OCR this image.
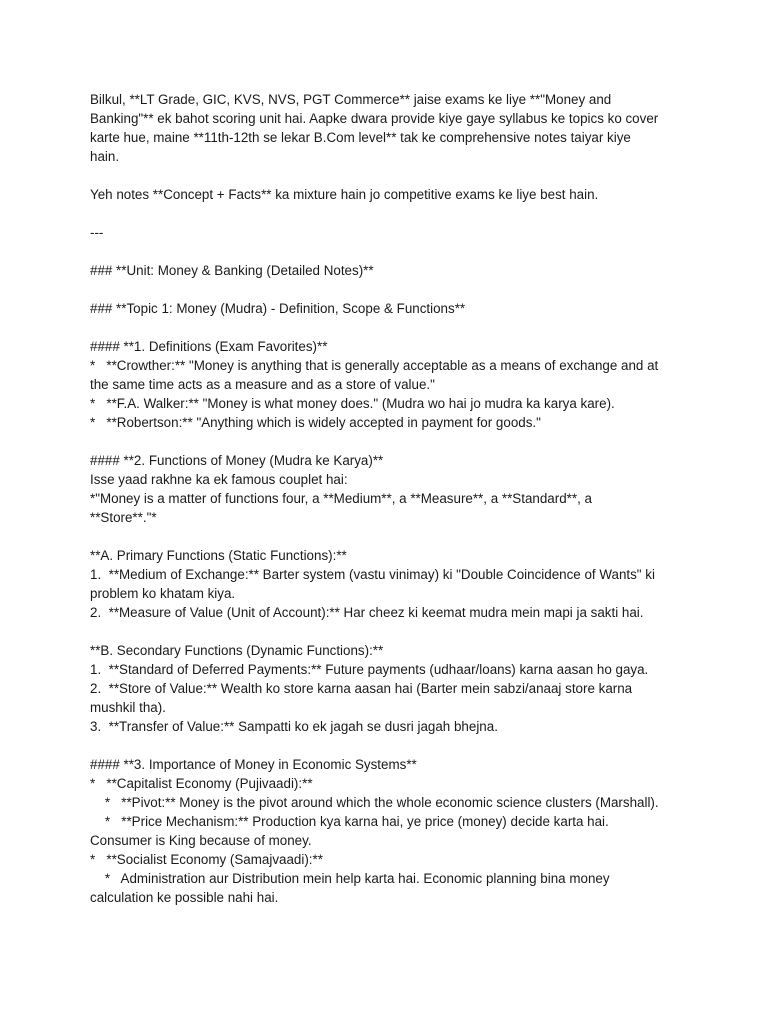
Bilkul, **LT Grade, GIC, KVS, NVS, PGT Commerce** jaise exams ke liye **"Money and
Banking"** ek bahot scoring unit hai. Aapke dwara provide kiye gaye syllabus ke topics ko cover
karte hue, maine **11th-12th se lekar B.Com level** tak ke comprehensive notes taiyar kiye
hain.
Yeh notes **Concept + Facts** ka mixture hain jo competitive exams ke liye best hain.
---
### **Unit: Money & Banking (Detailed Notes)**
### **Topic 1: Money (Mudra) - Definition, Scope & Functions**
#### **1. Definitions (Exam Favorites)**
*   **Crowther:** "Money is anything that is generally acceptable as a means of exchange and at
the same time acts as a measure and as a store of value."
*   **F.A. Walker:** "Money is what money does." (Mudra wo hai jo mudra ka karya kare).
*   **Robertson:** "Anything which is widely accepted in payment for goods."
#### **2. Functions of Money (Mudra ke Karya)**
Isse yaad rakhne ka ek famous couplet hai:
*"Money is a matter of functions four, a **Medium**, a **Measure**, a **Standard**, a
**Store**."*
**A. Primary Functions (Static Functions):**
1.  **Medium of Exchange:** Barter system (vastu vinimay) ki "Double Coincidence of Wants" ki
problem ko khatam kiya.
2.  **Measure of Value (Unit of Account):** Har cheez ki keemat mudra mein mapi ja sakti hai.
**B. Secondary Functions (Dynamic Functions):**
1.  **Standard of Deferred Payments:** Future payments (udhaar/loans) karna aasan ho gaya.
2.  **Store of Value:** Wealth ko store karna aasan hai (Barter mein sabzi/anaaj store karna
mushkil tha).
3.  **Transfer of Value:** Sampatti ko ek jagah se dusri jagah bhejna.
#### **3. Importance of Money in Economic Systems**
*   **Capitalist Economy (Pujivaadi):**
*   **Pivot:** Money is the pivot around which the whole economic science clusters (Marshall).
*   **Price Mechanism:** Production kya karna hai, ye price (money) decide karta hai.
Consumer is King because of money.
*   **Socialist Economy (Samajvaadi):**
*   Administration aur Distribution mein help karta hai. Economic planning bina money
calculation ke possible nahi hai.
